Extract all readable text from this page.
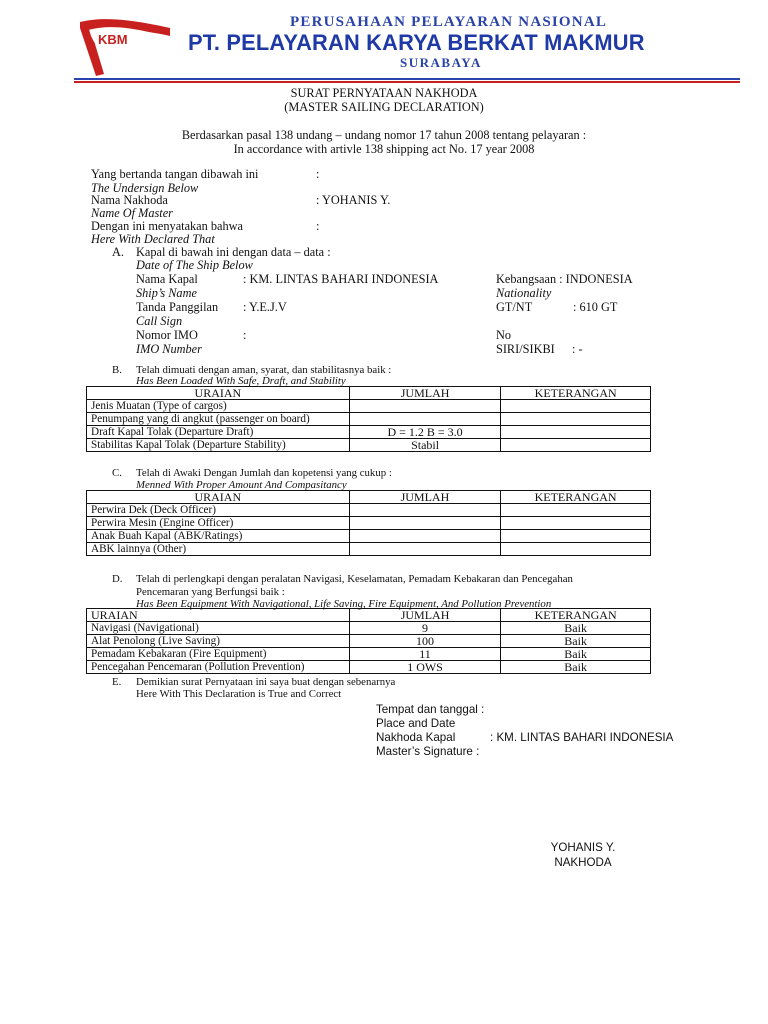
KBM
PERUSAHAAN PELAYARAN NASIONAL
PT. PELAYARAN KARYA BERKAT MAKMUR
SURABAYA
SURAT PERNYATAAN NAKHODA
(MASTER SAILING DECLARATION)
Berdasarkan pasal 138 undang – undang nomor 17 tahun 2008 tentang pelayaran :
In accordance with artivle 138 shipping act No. 17 year 2008
Yang bertanda tangan dibawah ini	:
The Undersign Below
Nama Nakhoda	: YOHANIS Y.
Name Of Master
Dengan ini menyatakan bahwa	:
Here With Declared That
A. Kapal di bawah ini dengan data – data :
Date of The Ship Below
Nama Kapal	: KM. LINTAS BAHARI INDONESIA	Kebangsaan : INDONESIA
Ship’s Name	Nationality
Tanda Panggilan : Y.E.J.V	GT/NT	: 610 GT
Call Sign
Nomor IMO	:	No
IMO Number	SIRI/SIKBI : -
B. Telah dimuati dengan aman, syarat, dan stabilitasnya baik :
Has Been Loaded With Safe, Draft, and Stability
URAIAN	JUMLAH	KETERANGAN
Jenis Muatan (Type of cargos)		
Penumpang yang di angkut (passenger on board)		
Draft Kapal Tolak (Departure Draft)	D = 1.2 B = 3.0	
Stabilitas Kapal Tolak (Departure Stability)	Stabil	
C. Telah di Awaki Dengan Jumlah dan kopetensi yang cukup :
Menned With Proper Amount And Compasitancy
URAIAN	JUMLAH	KETERANGAN
Perwira Dek (Deck Officer)		
Perwira Mesin (Engine Officer)		
Anak Buah Kapal (ABK/Ratings)		
ABK lainnya (Other)		
D. Telah di perlengkapi dengan peralatan Navigasi, Keselamatan, Pemadam Kebakaran dan Pencegahan
Pencemaran yang Berfungsi baik :
Has Been Equipment With Navigational, Life Saving, Fire Equipment, And Pollution Prevention
URAIAN	JUMLAH	KETERANGAN
Navigasi (Navigational)	9	Baik
Alat Penolong (Live Saving)	100	Baik
Pemadam Kebakaran (Fire Equipment)	11	Baik
Pencegahan Pencemaran (Pollution Prevention)	1 OWS	Baik
E. Demikian surat Pernyataan ini saya buat dengan sebenarnya
Here With This Declaration is True and Correct
Tempat dan tanggal :
Place and Date
Nakhoda Kapal	: KM. LINTAS BAHARI INDONESIA
Master’s Signature :
YOHANIS Y.
NAKHODA
